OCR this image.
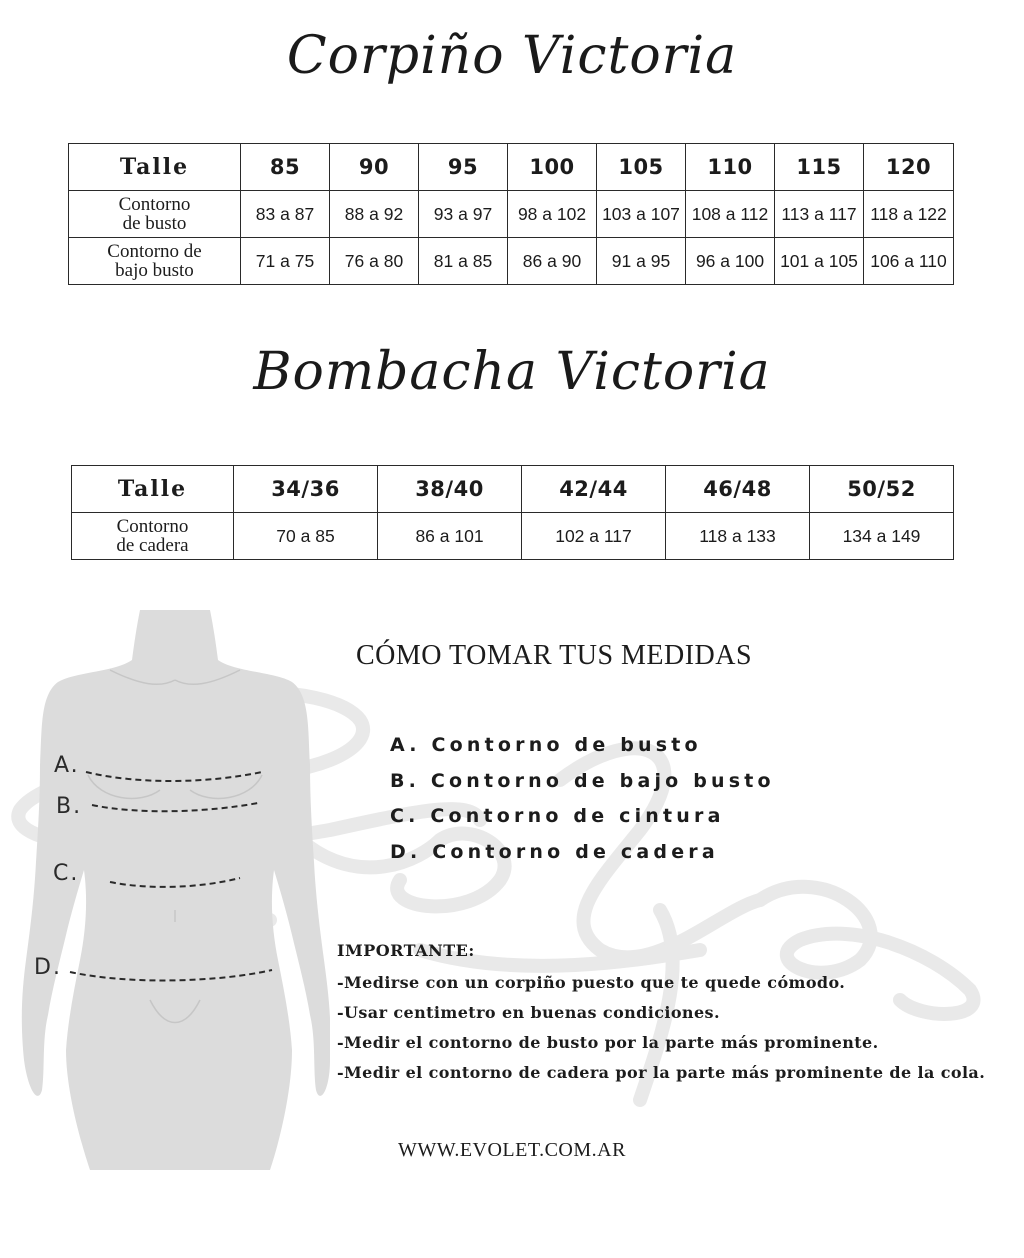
Corpiño Victoria
Talle	85	90	95	100	105	110	115	120
Contorno
de busto	83 a 87	88 a 92	93 a 97	98 a 102	103 a 107	108 a 112	113 a 117	118 a 122
Contorno de
bajo busto	71 a 75	76 a 80	81 a 85	86 a 90	91 a 95	96 a 100	101 a 105	106 a 110
Bombacha Victoria
Talle	34/36	38/40	42/44	46/48	50/52
Contorno
de cadera	70 a 85	86 a 101	102 a 117	118 a 133	134 a 149
A.
B.
C.
D.
CÓMO TOMAR TUS MEDIDAS
A. Contorno de busto
B. Contorno de bajo busto
C. Contorno de cintura
D. Contorno de cadera
IMPORTANTE:
-Medirse con un corpiño puesto que te quede cómodo.
-Usar centimetro en buenas condiciones.
-Medir el contorno de busto por la parte más prominente.
-Medir el contorno de cadera por la parte más prominente de la cola.
WWW.EVOLET.COM.AR
